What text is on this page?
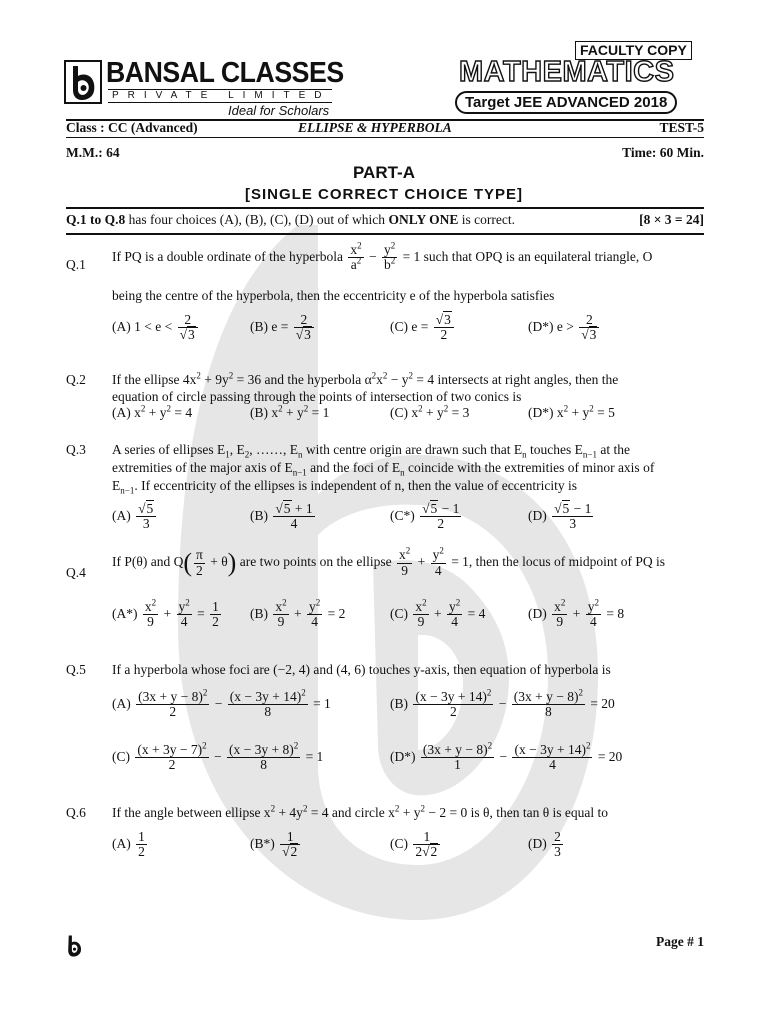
BANSAL CLASSES
PRIVATE LIMITED
Ideal for Scholars
FACULTY COPY
MATHEMATICS
Target JEE ADVANCED 2018
Class : CC (Advanced)	ELLIPSE & HYPERBOLA	TEST-5
M.M.: 64	Time: 60 Min.
PART-A
[SINGLE CORRECT CHOICE TYPE]
Q.1 to Q.8 has four choices (A), (B), (C), (D) out of which ONLY ONE is correct.	[8 × 3 = 24]
Q.1
If PQ is a double ordinate of the hyperbola $\frac{x^2}{a^2} - \frac{y^2}{b^2} = 1$ such that OPQ is an equilateral triangle, O
being the centre of the hyperbola, then the eccentricity e of the hyperbola satisfies
(A) $1 < e < \frac{2}{√3}$	(B) $e = \frac{2}{√3}$	(C) $e = \frac{√3}{2}$	(D*) $e > \frac{2}{√3}$
Q.2 If the ellipse $4x^2 + 9y^2 = 36$ and the hyperbola $\alpha^2x^2 - y^2 = 4$ intersects at right angles, then the
equation of circle passing through the points of intersection of two conics is
(A) $x^2 + y^2 = 4$	(B) $x^2 + y^2 = 1$	(C) $x^2 + y^2 = 3$	(D*) $x^2 + y^2 = 5$
Q.3 A series of ellipses $E_1$, $E_2$, ……, $E_n$ with centre origin are drawn such that $E_n$ touches $E_{n-1}$ at the
extremities of the major axis of $E_{n-1}$ and the foci of $E_n$ coincide with the extremities of minor axis of
$E_{n-1}$. If eccentricity of the ellipses is independent of n, then the value of eccentricity is
$(A) \frac{√5}{3}$	$(B) \frac{√5 + 1}{4}$	$(C*) \frac{√5 - 1}{2}$	$(D) \frac{√5 - 1}{3}$
Q.4
If P(θ) and $Q( \frac{\pi}{2} + \theta)$ are two points on the ellipse $\frac{x^2}{9} + \frac{y^2}{4} = 1$, then the locus of midpoint of PQ is
$(A*) \frac{x^2}{9} + \frac{y^2}{4} = \frac{1}{2} (B) \frac{x^2}{9} + \frac{y^2}{4} = 2$	$(C) \frac{x^2}{9} + \frac{y^2}{4} = 4$	$(D) \frac{x^2}{9} + \frac{y^2}{4} = 8$
Q.5 If a hyperbola whose foci are (−2, 4) and (4, 6) touches y-axis, then equation of hyperbola is
$(A) \frac{(3x + y - 8)^2}{2} - \frac{(x - 3y + 14)^2}{8} = 1$	$(B) \frac{(x - 3y + 14)^2}{2} - \frac{(3x + y - 8)^2}{8} = 20$
$(C) \frac{(x + 3y - 7)^2}{2} - \frac{(x - 3y + 8)^2}{8} = 1$	$(D*) \frac{(3x + y - 8)^2}{1} - \frac{(x - 3y + 14)^2}{4} = 20$
Q.6 If the angle between ellipse $x^2 + 4y^2 = 4$ and circle $x^2 + y^2 - 2 = 0$ is θ, then tan θ is equal to
$(A) \frac{1}{2}$	$(B*) \frac{1}{√2}$	$(C) \frac{1}{2√2}$	$(D) \frac{2}{3}$
Page # 1
